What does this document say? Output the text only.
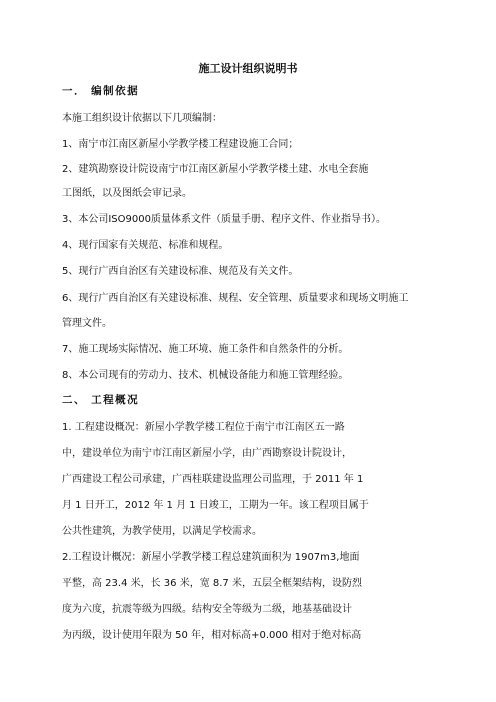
施工设计组织说明书
一． 编制依据
本施工组织设计依据以下几项编制：
1、南宁市江南区新屋小学教学楼工程建设施工合同；
2、建筑勘察设计院设南宁市江南区新屋小学教学楼土建、水电全套施
工图纸，以及图纸会审记录。
3、本公司ISO9000质量体系文件（质量手册、程序文件、作业指导书）。
4、现行国家有关规范、标准和规程。
5、现行广西自治区有关建设标准、规范及有关文件。
6、现行广西自治区有关建设标准、规程、安全管理、质量要求和现场文明施工
管理文件。
7、施工现场实际情况、施工环境、施工条件和自然条件的分析。
8、本公司现有的劳动力、技术、机械设备能力和施工管理经验。
二、 工程概况
1. 工程建设概况：新屋小学教学楼工程位于南宁市江南区五一路
中，建设单位为南宁市江南区新屋小学，由广西勘察设计院设计，
广西建设工程公司承建，广西桂联建设监理公司监理，于 2011 年 1
月 1 日开工，2012 年 1 月 1 日竣工，工期为一年。该工程项目属于
公共性建筑，为教学使用，以满足学校需求。
2.工程设计概况：新屋小学教学楼工程总建筑面积为 1907m3,地面
平整，高 23.4 米，长 36 米，宽 8.7 米，五层全框架结构，设防烈
度为六度，抗震等级为四级。结构安全等级为二级，地基基础设计
为丙级，设计使用年限为 50 年，相对标高+0.000 相对于绝对标高
